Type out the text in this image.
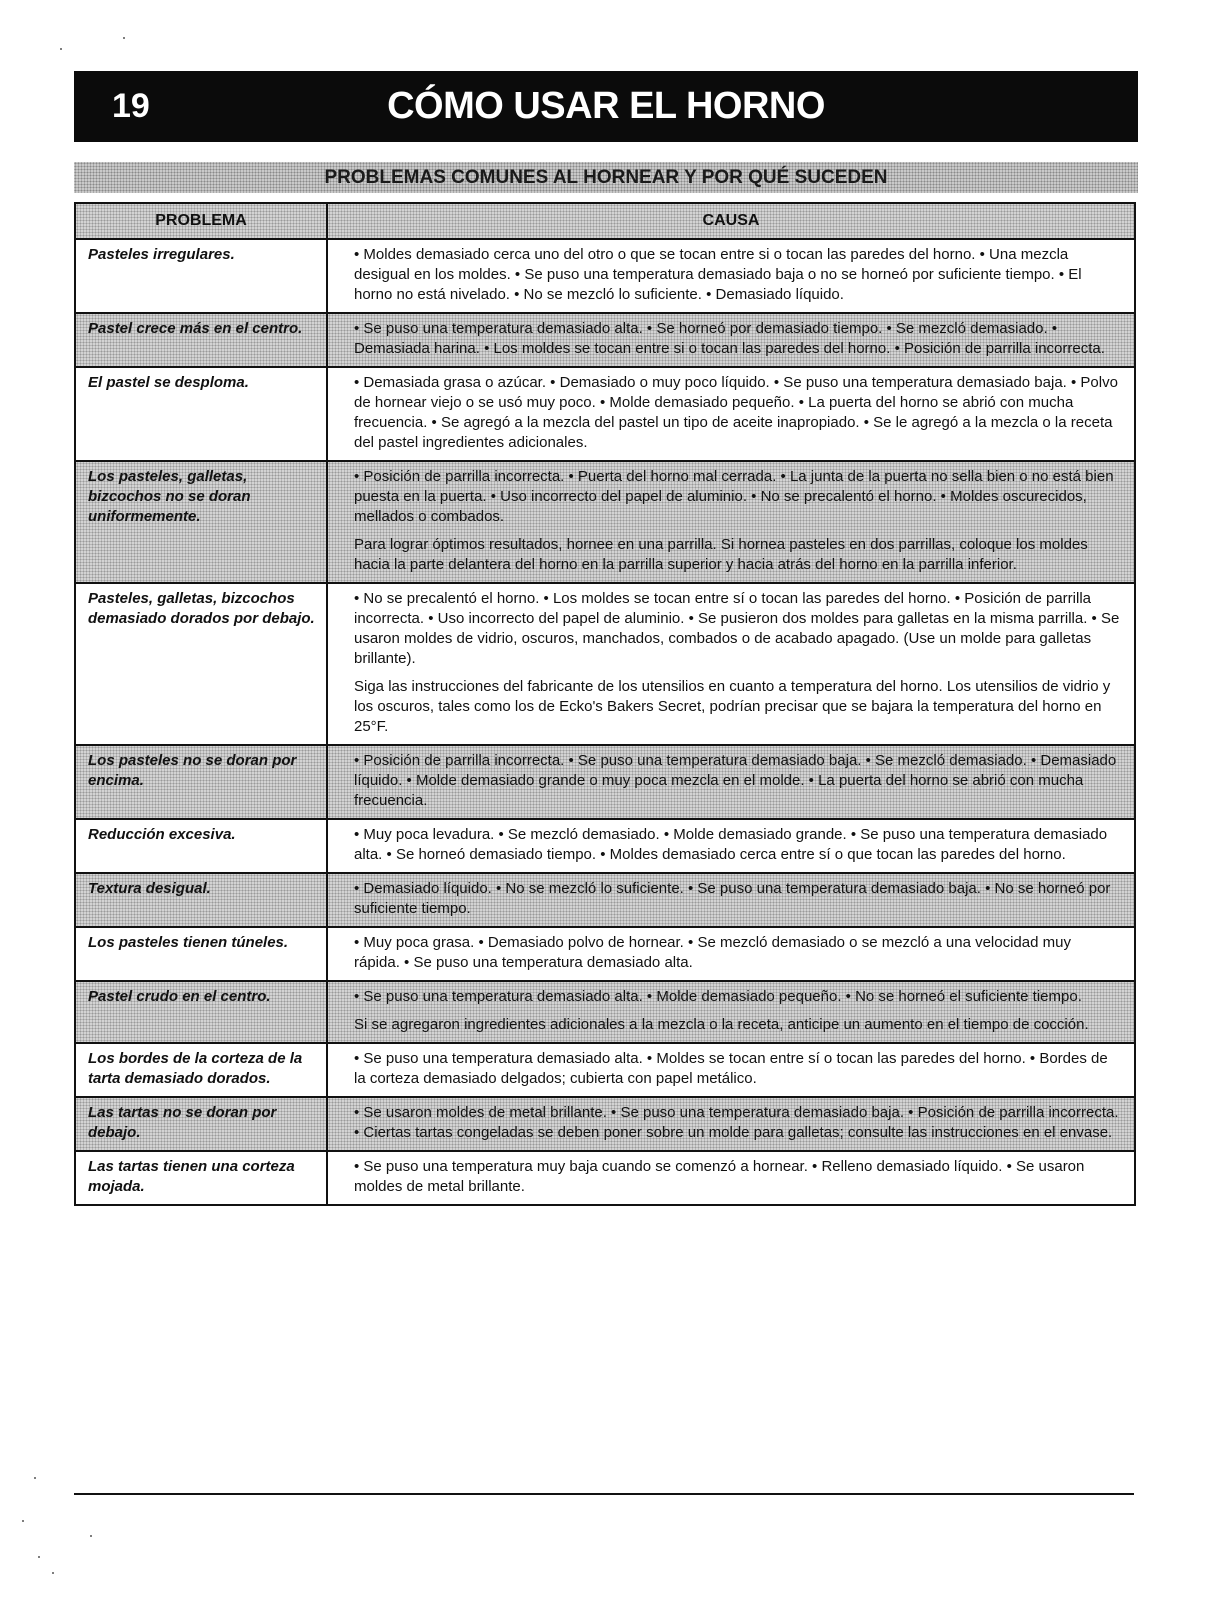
19	CÓMO USAR EL HORNO
PROBLEMAS COMUNES AL HORNEAR Y POR QUÉ SUCEDEN
PROBLEMA	CAUSA
Pasteles irregulares.	• Moldes demasiado cerca uno del otro o que se tocan entre si o tocan las paredes del horno. • Una mezcla desigual en los moldes. • Se puso una temperatura demasiado baja o no se horneó por suficiente tiempo. • El horno no está nivelado. • No se mezcló lo suficiente. • Demasiado líquido.

Pastel crece más en el centro.	• Se puso una temperatura demasiado alta. • Se horneó por demasiado tiempo. • Se mezcló demasiado. • Demasiada harina. • Los moldes se tocan entre si o tocan las paredes del horno. • Posición de parrilla incorrecta.

El pastel se desploma.	• Demasiada grasa o azúcar. • Demasiado o muy poco líquido. • Se puso una temperatura demasiado baja. • Polvo de hornear viejo o se usó muy poco. • Molde demasiado pequeño. • La puerta del horno se abrió con mucha frecuencia. • Se agregó a la mezcla del pastel un tipo de aceite inapropiado. • Se le agregó a la mezcla o la receta del pastel ingredientes adicionales.

Los pasteles, galletas, bizcochos no se doran uniformemente.	• Posición de parrilla incorrecta. • Puerta del horno mal cerrada. • La junta de la puerta no sella bien o no está bien puesta en la puerta. • Uso incorrecto del papel de aluminio. • No se precalentó el horno. • Moldes oscurecidos, mellados o combados.

Para lograr óptimos resultados, hornee en una parrilla. Si hornea pasteles en dos parrillas, coloque los moldes hacia la parte delantera del horno en la parrilla superior y hacia atrás del horno en la parrilla inferior.

Pasteles, galletas, bizcochos demasiado dorados por debajo.	• No se precalentó el horno. • Los moldes se tocan entre sí o tocan las paredes del horno. • Posición de parrilla incorrecta. • Uso incorrecto del papel de aluminio. • Se pusieron dos moldes para galletas en la misma parrilla. • Se usaron moldes de vidrio, oscuros, manchados, combados o de acabado apagado. (Use un molde para galletas brillante).

Siga las instrucciones del fabricante de los utensilios en cuanto a temperatura del horno. Los utensilios de vidrio y los oscuros, tales como los de Ecko's Bakers Secret, podrían precisar que se bajara la temperatura del horno en 25°F.

Los pasteles no se doran por encima.	• Posición de parrilla incorrecta. • Se puso una temperatura demasiado baja. • Se mezcló demasiado. • Demasiado líquido. • Molde demasiado grande o muy poca mezcla en el molde. • La puerta del horno se abrió con mucha frecuencia.

Reducción excesiva.	• Muy poca levadura. • Se mezcló demasiado. • Molde demasiado grande. • Se puso una temperatura demasiado alta. • Se horneó demasiado tiempo. • Moldes demasiado cerca entre sí o que tocan las paredes del horno.

Textura desigual.	• Demasiado líquido. • No se mezcló lo suficiente. • Se puso una temperatura demasiado baja. • No se horneó por suficiente tiempo.

Los pasteles tienen túneles.	• Muy poca grasa. • Demasiado polvo de hornear. • Se mezcló demasiado o se mezcló a una velocidad muy rápida. • Se puso una temperatura demasiado alta.

Pastel crudo en el centro.	• Se puso una temperatura demasiado alta. • Molde demasiado pequeño. • No se horneó el suficiente tiempo.

Si se agregaron ingredientes adicionales a la mezcla o la receta, anticipe un aumento en el tiempo de cocción.

Los bordes de la corteza de la tarta demasiado dorados.	• Se puso una temperatura demasiado alta. • Moldes se tocan entre sí o tocan las paredes del horno. • Bordes de la corteza demasiado delgados; cubierta con papel metálico.

Las tartas no se doran por debajo.	• Se usaron moldes de metal brillante. • Se puso una temperatura demasiado baja. • Posición de parrilla incorrecta. • Ciertas tartas congeladas se deben poner sobre un molde para galletas; consulte las instrucciones en el envase.

Las tartas tienen una corteza mojada.	• Se puso una temperatura muy baja cuando se comenzó a hornear. • Relleno demasiado líquido. • Se usaron moldes de metal brillante.
